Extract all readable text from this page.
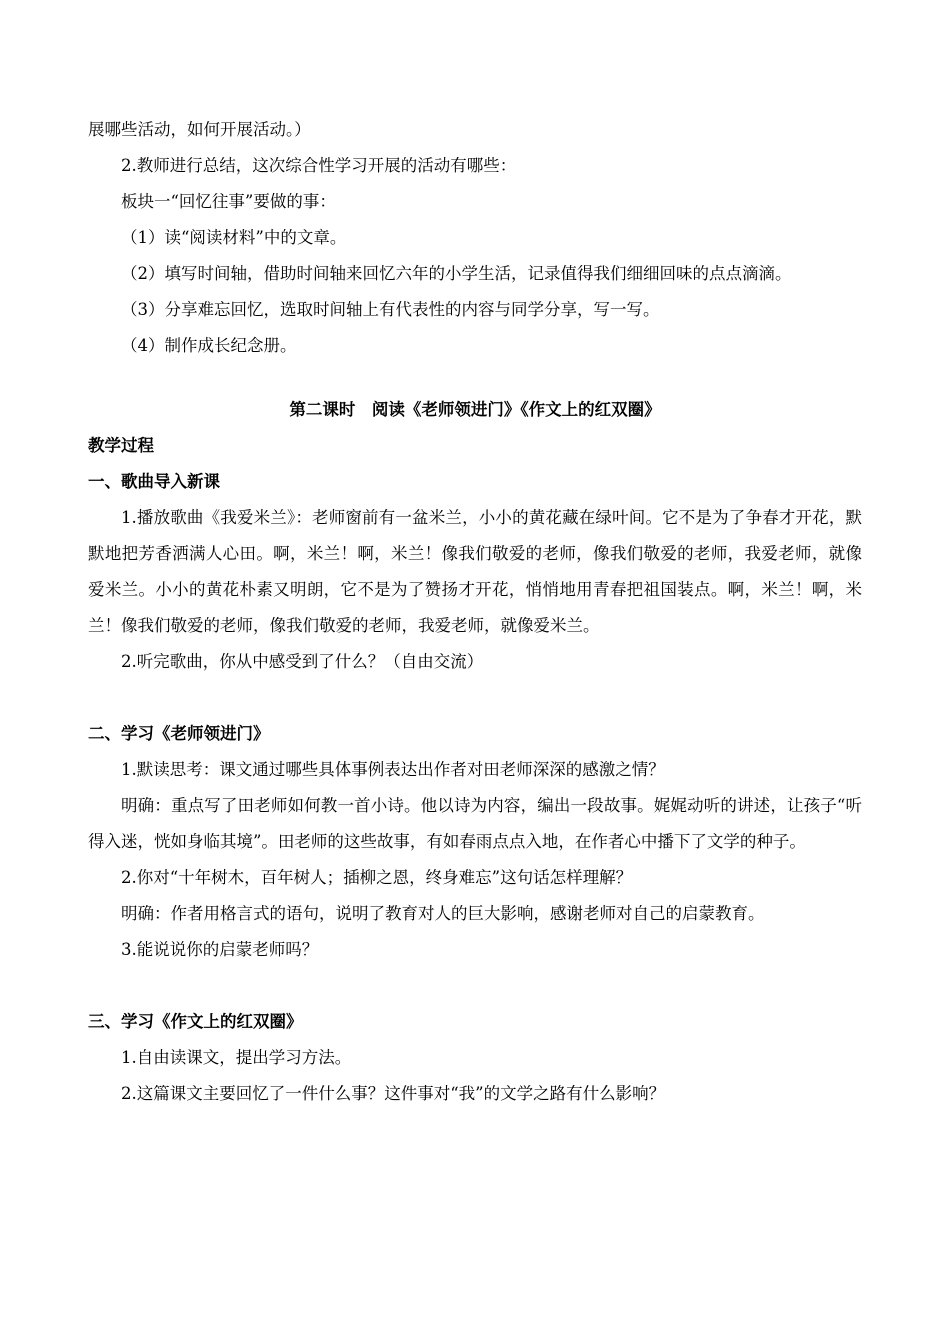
展哪些活动，如何开展活动。）

2.教师进行总结，这次综合性学习开展的活动有哪些：

板块一“回忆往事”要做的事：

（1）读“阅读材料”中的文章。

（2）填写时间轴，借助时间轴来回忆六年的小学生活，记录值得我们细细回味的点点滴滴。

（3）分享难忘回忆，选取时间轴上有代表性的内容与同学分享，写一写。

（4）制作成长纪念册。

第二课时　阅读《老师领进门》《作文上的红双圈》

教学过程

一、歌曲导入新课

1.播放歌曲《我爱米兰》：老师窗前有一盆米兰，小小的黄花藏在绿叶间。它不是为了争春才开花，默默地把芳香洒满人心田。啊，米兰！啊，米兰！像我们敬爱的老师，像我们敬爱的老师，我爱老师，就像爱米兰。小小的黄花朴素又明朗，它不是为了赞扬才开花，悄悄地用青春把祖国装点。啊，米兰！啊，米兰！像我们敬爱的老师，像我们敬爱的老师，我爱老师，就像爱米兰。

2.听完歌曲，你从中感受到了什么？（自由交流）

二、学习《老师领进门》

1.默读思考：课文通过哪些具体事例表达出作者对田老师深深的感激之情？

明确：重点写了田老师如何教一首小诗。他以诗为内容，编出一段故事。娓娓动听的讲述，让孩子“听得入迷，恍如身临其境”。田老师的这些故事，有如春雨点点入地，在作者心中播下了文学的种子。

2.你对“十年树木，百年树人；插柳之恩，终身难忘”这句话怎样理解？

明确：作者用格言式的语句，说明了教育对人的巨大影响，感谢老师对自己的启蒙教育。

3.能说说你的启蒙老师吗？

三、学习《作文上的红双圈》

1.自由读课文，提出学习方法。

2.这篇课文主要回忆了一件什么事？这件事对“我”的文学之路有什么影响？
